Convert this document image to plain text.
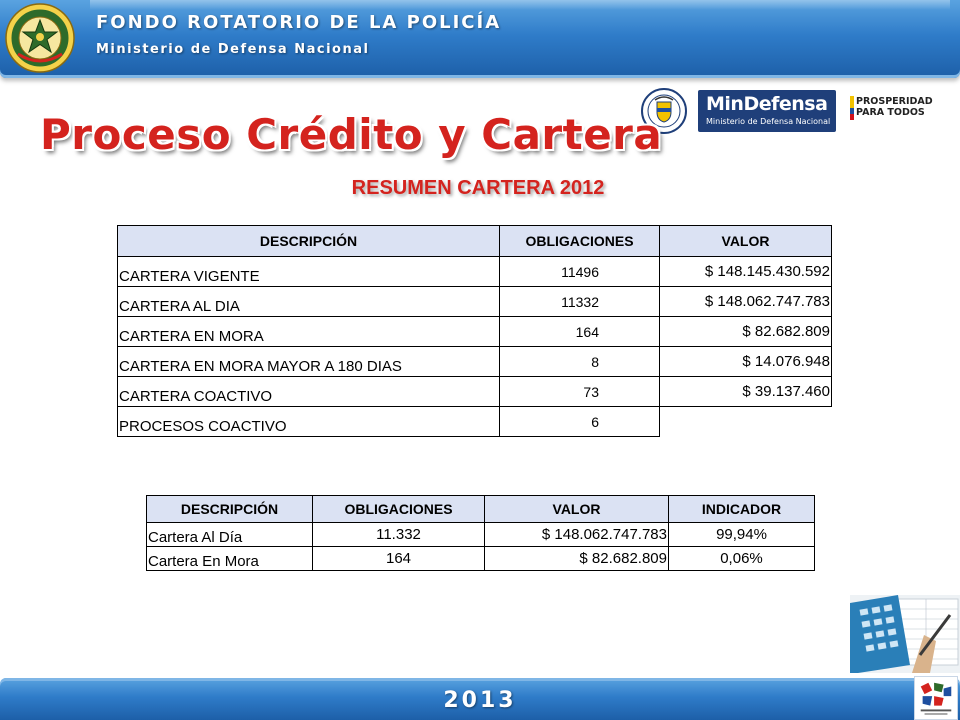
FONDO ROTATORIO DE LA POLICÍA
Ministerio de Defensa Nacional
MinDefensa
Ministerio de Defensa Nacional
PROSPERIDAD
PARA TODOS
Proceso Crédito y Cartera
RESUMEN CARTERA 2012
DESCRIPCIÓN	OBLIGACIONES	VALOR
CARTERA VIGENTE	11496	$ 148.145.430.592
CARTERA AL DIA	11332	$ 148.062.747.783
CARTERA EN MORA	164	$ 82.682.809
CARTERA EN MORA MAYOR A 180 DIAS	8	$ 14.076.948
CARTERA COACTIVO	73	$ 39.137.460
PROCESOS COACTIVO	6	
DESCRIPCIÓN	OBLIGACIONES	VALOR	INDICADOR
Cartera Al Día	11.332	$ 148.062.747.783	99,94%
Cartera En Mora	164	$ 82.682.809	0,06%
2013
